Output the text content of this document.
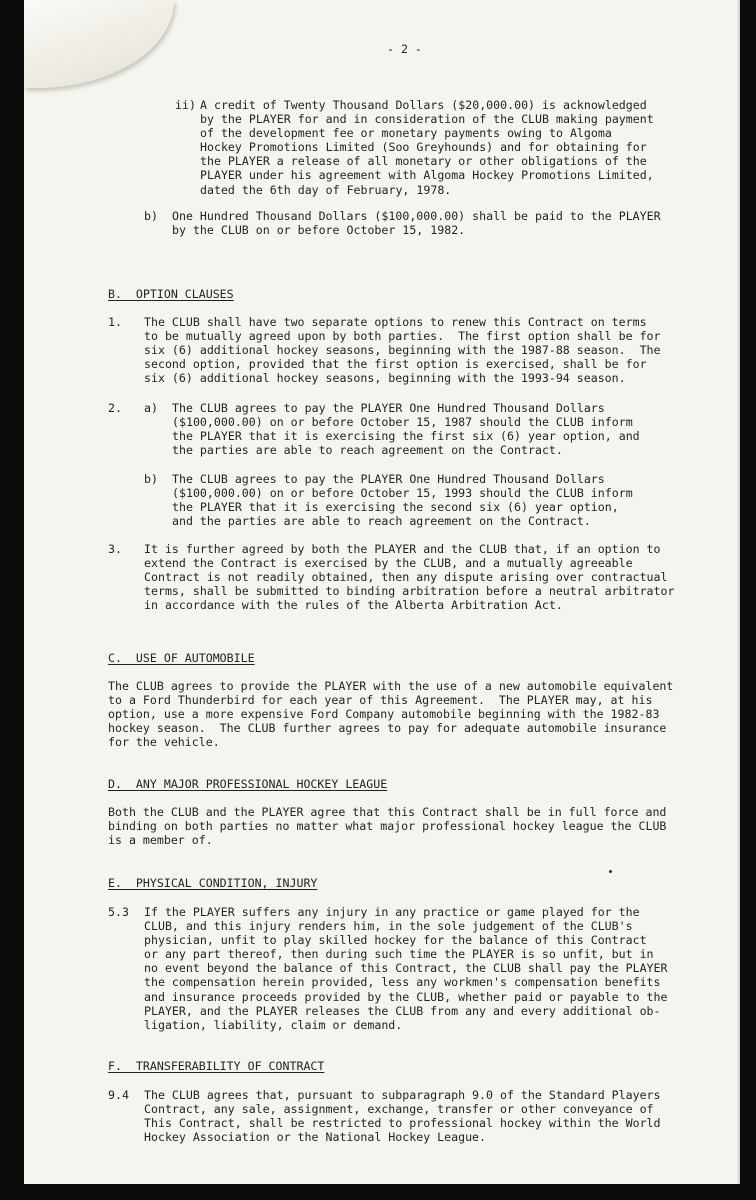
- 2 -
ii) A credit of Twenty Thousand Dollars ($20,000.00) is acknowledged
by the PLAYER for and in consideration of the CLUB making payment
of the development fee or monetary payments owing to Algoma
Hockey Promotions Limited (Soo Greyhounds) and for obtaining for
the PLAYER a release of all monetary or other obligations of the
PLAYER under his agreement with Algoma Hockey Promotions Limited,
dated the 6th day of February, 1978.
b) One Hundred Thousand Dollars ($100,000.00) shall be paid to the PLAYER
by the CLUB on or before October 15, 1982.
B.  OPTION CLAUSES
1. The CLUB shall have two separate options to renew this Contract on terms
to be mutually agreed upon by both parties.  The first option shall be for
six (6) additional hockey seasons, beginning with the 1987-88 season.  The
second option, provided that the first option is exercised, shall be for
six (6) additional hockey seasons, beginning with the 1993-94 season.
2. a) The CLUB agrees to pay the PLAYER One Hundred Thousand Dollars
($100,000.00) on or before October 15, 1987 should the CLUB inform
the PLAYER that it is exercising the first six (6) year option, and
the parties are able to reach agreement on the Contract.
b) The CLUB agrees to pay the PLAYER One Hundred Thousand Dollars
($100,000.00) on or before October 15, 1993 should the CLUB inform
the PLAYER that it is exercising the second six (6) year option,
and the parties are able to reach agreement on the Contract.
3. It is further agreed by both the PLAYER and the CLUB that, if an option to
extend the Contract is exercised by the CLUB, and a mutually agreeable
Contract is not readily obtained, then any dispute arising over contractual
terms, shall be submitted to binding arbitration before a neutral arbitrator
in accordance with the rules of the Alberta Arbitration Act.
C.  USE OF AUTOMOBILE
The CLUB agrees to provide the PLAYER with the use of a new automobile equivalent
to a Ford Thunderbird for each year of this Agreement.  The PLAYER may, at his
option, use a more expensive Ford Company automobile beginning with the 1982-83
hockey season.  The CLUB further agrees to pay for adequate automobile insurance
for the vehicle.
D.  ANY MAJOR PROFESSIONAL HOCKEY LEAGUE
Both the CLUB and the PLAYER agree that this Contract shall be in full force and
binding on both parties no matter what major professional hockey league the CLUB
is a member of.
E.  PHYSICAL CONDITION, INJURY
5.3 If the PLAYER suffers any injury in any practice or game played for the
CLUB, and this injury renders him, in the sole judgement of the CLUB's
physician, unfit to play skilled hockey for the balance of this Contract
or any part thereof, then during such time the PLAYER is so unfit, but in
no event beyond the balance of this Contract, the CLUB shall pay the PLAYER
the compensation herein provided, less any workmen's compensation benefits
and insurance proceeds provided by the CLUB, whether paid or payable to the
PLAYER, and the PLAYER releases the CLUB from any and every additional ob-
ligation, liability, claim or demand.
F.  TRANSFERABILITY OF CONTRACT
9.4 The CLUB agrees that, pursuant to subparagraph 9.0 of the Standard Players
Contract, any sale, assignment, exchange, transfer or other conveyance of
This Contract, shall be restricted to professional hockey within the World
Hockey Association or the National Hockey League.
